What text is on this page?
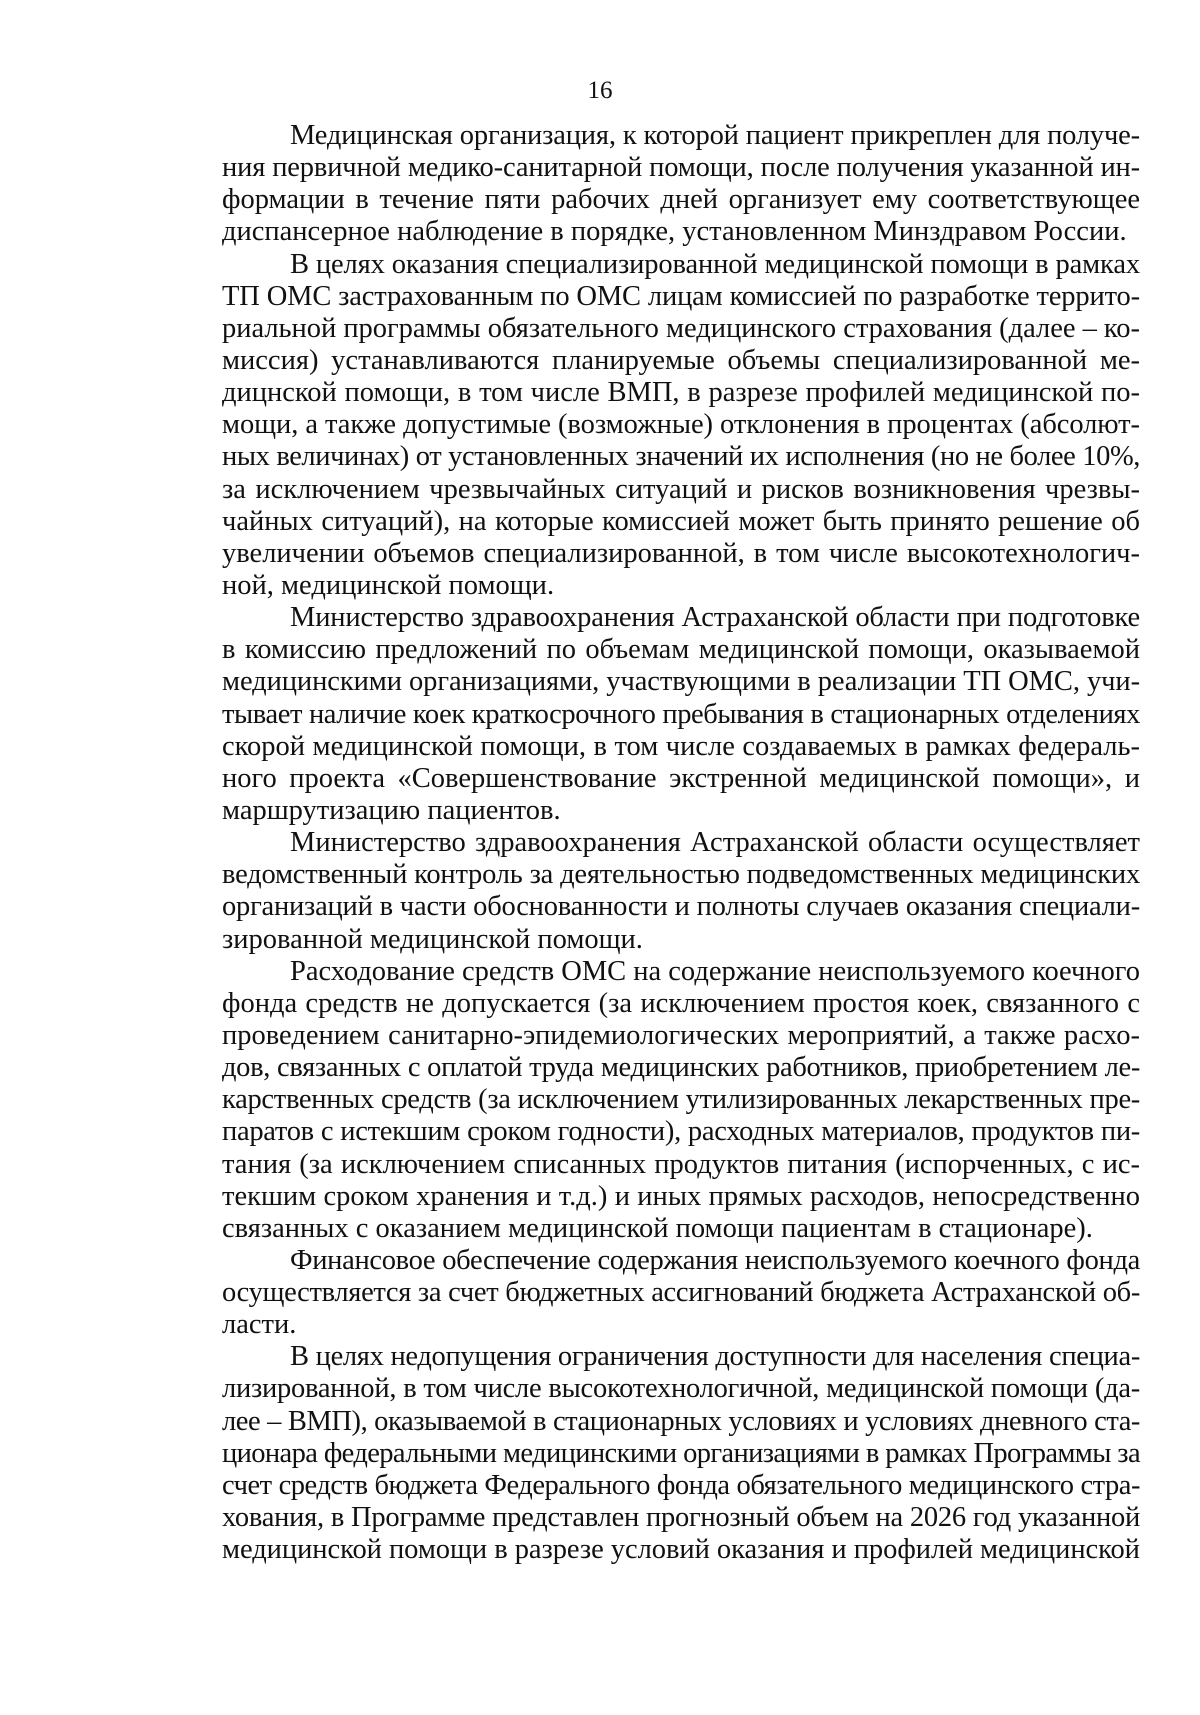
16
Медицинская организация, к которой пациент прикреплен для получе-
ния первичной медико-санитарной помощи, после получения указанной ин-
формации в течение пяти рабочих дней организует ему соответствующее
диспансерное наблюдение в порядке, установленном Минздравом России.
В целях оказания специализированной медицинской помощи в рамках
ТП ОМС застрахованным по ОМС лицам комиссией по разработке террито-
риальной программы обязательного медицинского страхования (далее – ко-
миссия) устанавливаются планируемые объемы специализированной ме-
дицнской помощи, в том числе ВМП, в разрезе профилей медицинской по-
мощи, а также допустимые (возможные) отклонения в процентах (абсолют-
ных величинах) от установленных значений их исполнения (но не более 10%,
за исключением чрезвычайных ситуаций и рисков возникновения чрезвы-
чайных ситуаций), на которые комиссией может быть принято решение об
увеличении объемов специализированной, в том числе высокотехнологич-
ной, медицинской помощи.
Министерство здравоохранения Астраханской области при подготовке
в комиссию предложений по объемам медицинской помощи, оказываемой
медицинскими организациями, участвующими в реализации ТП ОМС, учи-
тывает наличие коек краткосрочного пребывания в стационарных отделениях
скорой медицинской помощи, в том числе создаваемых в рамках федераль-
ного проекта «Совершенствование экстренной медицинской помощи», и
маршрутизацию пациентов.
Министерство здравоохранения Астраханской области осуществляет
ведомственный контроль за деятельностью подведомственных медицинских
организаций в части обоснованности и полноты случаев оказания специали-
зированной медицинской помощи.
Расходование средств ОМС на содержание неиспользуемого коечного
фонда средств не допускается (за исключением простоя коек, связанного с
проведением санитарно-эпидемиологических мероприятий, а также расхо-
дов, связанных с оплатой труда медицинских работников, приобретением ле-
карственных средств (за исключением утилизированных лекарственных пре-
паратов с истекшим сроком годности), расходных материалов, продуктов пи-
тания (за исключением списанных продуктов питания (испорченных, с ис-
текшим сроком хранения и т.д.) и иных прямых расходов, непосредственно
связанных с оказанием медицинской помощи пациентам в стационаре).
Финансовое обеспечение содержания неиспользуемого коечного фонда
осуществляется за счет бюджетных ассигнований бюджета Астраханской об-
ласти.
В целях недопущения ограничения доступности для населения специа-
лизированной, в том числе высокотехнологичной, медицинской помощи (да-
лее – ВМП), оказываемой в стационарных условиях и условиях дневного ста-
ционара федеральными медицинскими организациями в рамках Программы за
счет средств бюджета Федерального фонда обязательного медицинского стра-
хования, в Программе представлен прогнозный объем на 2026 год указанной
медицинской помощи в разрезе условий оказания и профилей медицинской
